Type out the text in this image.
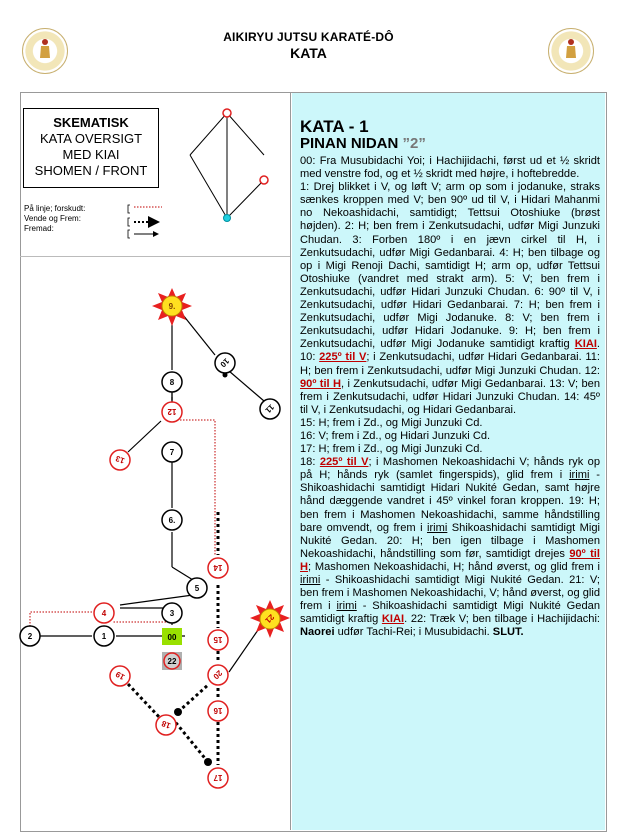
AIKIRYU JUTSU KARATÉ-DÔ
KATA
SKEMATISK
KATA OVERSIGT
MED KIAI
SHOMEN / FRONT
På linje; forskudt:
Vende og Frem:
Fremad:
1
2
3
4
5
6.
7
8
9.
10
11
12
13
14
15
16
17
18
19	20
21
00
22
KATA - 1
PINAN NIDAN ”2”

00: Fra Musubidachi Yoi; i Hachijidachi, først ud et ½ skridt med venstre fod, og et ½ skridt med højre, i hoftebredde.

1: Drej blikket i V, og løft V; arm op som i jodanuke, straks sænkes kroppen med V; ben 90º ud til V, i Hidari Mahanmi no Nekoashidachi, samtidigt; Tettsui Otoshiuke (brøst højden). 2: H; ben frem i Zenkutsudachi, udfør Migi Junzuki Chudan. 3: Forben 180º i en jævn cirkel til H, i Zenkutsudachi, udfør Migi Gedanbarai. 4: H; ben tilbage og op i Migi Renoji Dachi, samtidigt H; arm op, udfør Tettsui Otoshiuke (vandret med strakt arm). 5: V; ben frem i Zenkutsudachi, udfør Hidari Junzuki Chudan. 6: 90º til V, i Zenkutsudachi, udfør Hidari Gedanbarai. 7: H; ben frem i Zenkutsudachi, udfør Migi Jodanuke. 8: V; ben frem i Zenkutsudachi, udfør Hidari Jodanuke. 9: H; ben frem i Zenkutsudachi, udfør Migi Jodanuke samtidigt kraftig KIAI. 10: 225º til V; i Zenkutsudachi, udfør Hidari Gedanbarai. 11: H; ben frem i Zenkutsudachi, udfør Migi Junzuki Chudan. 12: 90º til H, i Zenkutsudachi, udfør Migi Gedanbarai. 13: V; ben frem i Zenkutsudachi, udfør Hidari Junzuki Chudan. 14: 45º til V, i Zenkutsudachi, og Hidari Gedanbarai.

15: H; frem i Zd., og Migi Junzuki Cd.

16: V; frem i Zd., og Hidari Junzuki Cd.

17: H; frem i Zd., og Migi Junzuki Cd.

18: 225º til V; i Mashomen Nekoashidachi V; hånds ryk op på H; hånds ryk (samlet fingerspids), glid frem i irimi - Shikoashidachi samtidigt Hidari Nukité Gedan, samt højre hånd dæggende vandret i 45º vinkel foran kroppen. 19: H; ben frem i Mashomen Nekoashidachi, samme håndstilling bare omvendt, og frem i irimi Shikoashidachi samtidigt Migi Nukité Gedan. 20: H; ben igen tilbage i Mashomen Nekoashidachi, håndstilling som før, samtidigt drejes 90º til H; Mashomen Nekoashidachi, H; hånd øverst, og glid frem i irimi - Shikoashidachi samtidigt Migi Nukité Gedan. 21: V; ben frem i Mashomen Nekoashidachi, V; hånd øverst, og glid frem i irimi - Shikoashidachi samtidigt Migi Nukité Gedan samtidigt kraftig KIAI. 22: Træk V; ben tilbage i Hachijidachi: Naorei udfør Tachi-Rei; i Musubidachi. SLUT.
